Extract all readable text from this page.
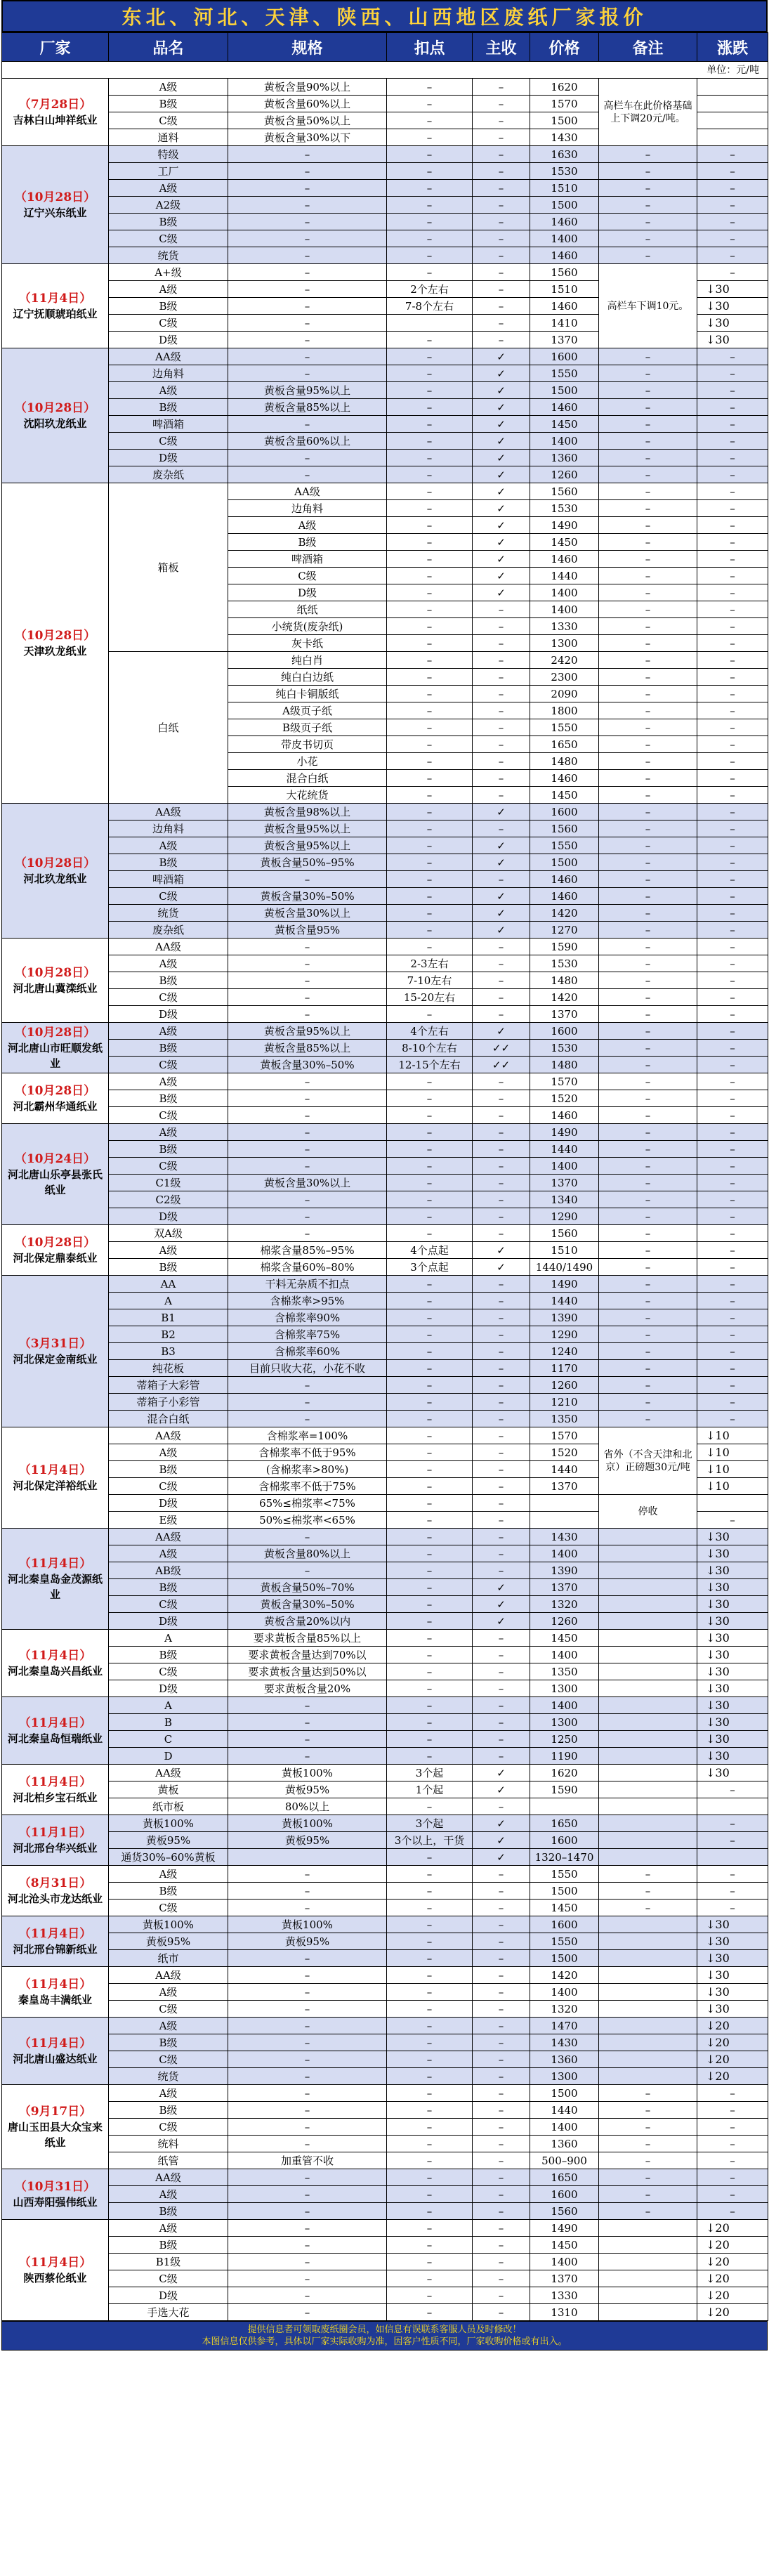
东北、河北、天津、陕西、山西地区废纸厂家报价
厂家	品名	规格	扣点	主收	价格	备注	涨跌
单位：元/吨							

（7月28日）
吉林白山坤祥纸业	A级	黄板含量90%以上	–	–	1620	高栏车在此价格基础上下调20元/吨。	
	B级	黄板含量60%以上	–	–	1570		
	C级	黄板含量50%以上	–	–	1500		
	通料	黄板含量30%以下	–	–	1430		

（10月28日）
辽宁兴东纸业	特级	–	–	–	1630	–	–
	工厂	–	–	–	1530	–	–
	A级	–	–	–	1510	–	–
	A2级	–	–	–	1500	–	–
	B级	–	–	–	1460	–	–
	C级	–	–	–	1400	–	–
	统货	–	–	–	1460	–	–

（11月4日）
辽宁抚顺琥珀纸业	A+级	–	–	–	1560	高栏车下调10元。	–
	A级	–	2个左右	–	1510		↓30
	B级	–	7-8个左右	–	1460		↓30
	C级	–		–	1410		↓30
	D级	–	–	–	1370		↓30

（10月28日）
沈阳玖龙纸业	AA级	–	–	✓	1600	–	–
	边角料	–	–	✓	1550	–	–
	A级	黄板含量95%以上	–	✓	1500	–	–
	B级	黄板含量85%以上	–	✓	1460	–	–
	啤酒箱	–	–	✓	1450	–	–
	C级	黄板含量60%以上	–	✓	1400	–	–
	D级	–	–	✓	1360	–	–
	废杂纸	–	–	✓	1260	–	–

（10月28日）
天津玖龙纸业	箱板	AA级	–	✓	1560	–	–
		边角料	–	✓	1530	–	–
		A级	–	✓	1490	–	–
		B级	–	✓	1450	–	–
		啤酒箱	–	✓	1460	–	–
		C级	–	✓	1440	–	–
		D级	–	✓	1400	–	–
		纸纸	–	–	1400	–	–
		小统货(废杂纸)	–	–	1330	–	–
		灰卡纸	–	–	1300	–	–
	白纸	纯白肖	–	–	2420	–	–
		纯白白边纸	–	–	2300	–	–
		纯白卡铜版纸	–	–	2090	–	–
		A级页子纸	–	–	1800	–	–
		B级页子纸	–	–	1550	–	–
		带皮书切页	–	–	1650	–	–
		小花	–	–	1480	–	–
		混合白纸	–	–	1460	–	–
		大花统货	–	–	1450	–	–

（10月28日）
河北玖龙纸业	AA级	黄板含量98%以上	–	✓	1600	–	–
	边角料	黄板含量95%以上	–	–	1560	–	–
	A级	黄板含量95%以上	–	✓	1550	–	–
	B级	黄板含量50%–95%	–	✓	1500	–	–
	啤酒箱	–	–	–	1460	–	–
	C级	黄板含量30%–50%	–	✓	1460	–	–
	统货	黄板含量30%以上	–	✓	1420	–	–
	废杂纸	黄板含量95%	–	✓	1270	–	–

（10月28日）
河北唐山冀滦纸业	AA级	–	–	–	1590	–	–
	A级	–	2-3左右	–	1530	–	–
	B级	–	7-10左右	–	1480	–	–
	C级	–	15-20左右	–	1420	–	–
	D级	–	–	–	1370	–	–

（10月28日）
河北唐山市旺顺发纸业	A级	黄板含量95%以上	4个左右	✓	1600	–	–
	B级	黄板含量85%以上	8-10个左右	✓✓	1530	–	–
	C级	黄板含量30%–50%	12-15个左右	✓✓	1480	–	–

（10月28日）
河北霸州华通纸业	A级	–	–	–	1570	–	–
	B级	–	–	–	1520	–	–
	C级	–	–	–	1460	–	–

（10月24日）
河北唐山乐亭县张氏纸业	A级	–	–	–	1490	–	–
	B级	–	–	–	1440	–	–
	C级	–	–	–	1400	–	–
	C1级	黄板含量30%以上	–	–	1370	–	–
	C2级	–	–	–	1340	–	–
	D级	–	–	–	1290	–	–

（10月28日）
河北保定鼎泰纸业	双A级	–	–	–	1560	–	–
	A级	棉浆含量85%–95%	4个点起	✓	1510	–	–
	B级	棉浆含量60%–80%	3个点起	✓	1440/1490	–	–

（3月31日）
河北保定金南纸业	AA	干料无杂质不扣点	–	–	1490	–	–
	A	含棉浆率>95%	–	–	1440	–	–
	B1	含棉浆率90%	–	–	1390	–	–
	B2	含棉浆率75%	–	–	1290	–	–
	B3	含棉浆率60%	–	–	1240	–	–
	纯花板	目前只收大花，小花不收	–	–	1170	–	–
	蒂箱子大彩管	–	–	–	1260	–	–
	蒂箱子小彩管	–	–	–	1210	–	–
	混合白纸	–	–	–	1350	–	–

（11月4日）
河北保定洋裕纸业	AA级	含棉浆率=100%	–	–	1570	省外（不含天津和北京）正磅题30元/吨	↓10
	A级	含棉浆率不低于95%	–	–	1520		↓10
	B级	(含棉浆率>80%)	–	–	1440		↓10
	C级	含棉浆率不低于75%	–	–	1370		↓10
	D级	65%≤棉浆率<75%	–	–		停收	
	E级	50%≤棉浆率<65%	–	–			–

（11月4日）
河北秦皇岛金茂源纸业	AA级	–	–	–	1430		↓30
	A级	黄板含量80%以上	–	–	1400		↓30
	AB级	–	–	–	1390		↓30
	B级	黄板含量50%–70%	–	✓	1370		↓30
	C级	黄板含量30%–50%	–	✓	1320		↓30
	D级	黄板含量20%以内	–	✓	1260		↓30

（11月4日）
河北秦皇岛兴昌纸业	A	要求黄板含量85%以上	–	–	1450		↓30
	B级	要求黄板含量达到70%以	–	–	1400		↓30
	C级	要求黄板含量达到50%以	–	–	1350		↓30
	D级	要求黄板含量20%	–	–	1300		↓30

（11月4日）
河北秦皇岛恒瑞纸业	A	–	–	–	1400		↓30
	B	–	–	–	1300		↓30
	C	–	–	–	1250		↓30
	D	–	–	–	1190		↓30

（11月4日）
河北柏乡宝石纸业	AA级	黄板100%	3个起	✓	1620		↓30
	黄板	黄板95%	1个起	✓	1590		–
	纸市板	80%以上	–	–			

（11月1日）
河北邢台华兴纸业	黄板100%	黄板100%	3个起	✓	1650		–
	黄板95%	黄板95%	3个以上，干货	✓	1600		–
	通货30%–60%黄板		–	✓	1320–1470		

（8月31日）
河北沧头市龙达纸业	A级	–	–	–	1550	–	–
	B级	–	–	–	1500	–	–
	C级	–	–	–	1450	–	–

（11月4日）
河北邢台锦新纸业	黄板100%	黄板100%	–	–	1600		↓30
	黄板95%	黄板95%	–	–	1550		↓30
	纸市	–	–	–	1500		↓30

（11月4日）
秦皇岛丰满纸业	AA级	–	–	–	1420		↓30
	A级	–	–	–	1400		↓30
	C级	–	–	–	1320		↓30

（11月4日）
河北唐山盛达纸业	A级	–	–	–	1470		↓20
	B级	–	–	–	1430		↓20
	C级	–	–	–	1360		↓20
	统货	–	–	–	1300		↓20

（9月17日）
唐山玉田县大众宝来纸业	A级	–	–	–	1500	–	–
	B级	–	–	–	1440	–	–
	C级	–	–	–	1400	–	–
	统料	–	–	–	1360	–	–
	纸管	加重管不收	–	–	500–900	–	–

（10月31日）
山西寿阳强伟纸业	AA级	–	–	–	1650	–	–
	A级	–	–	–	1600	–	–
	B级	–	–	–	1560	–	–

（11月4日）
陕西蔡伦纸业	A级	–	–	–	1490		↓20
	B级	–	–	–	1450		↓20
	B1级	–	–	–	1400		↓20
	C级	–	–	–	1370		↓20
	D级	–	–	–	1330		↓20
	手选大花	–	–	–	1310		↓20
提供信息者可领取废纸圈会员，如信息有误联系客服人员及时修改！
本图信息仅供参考，具体以厂家实际收购为准，因客户性质不同，厂家收购价格或有出入。
